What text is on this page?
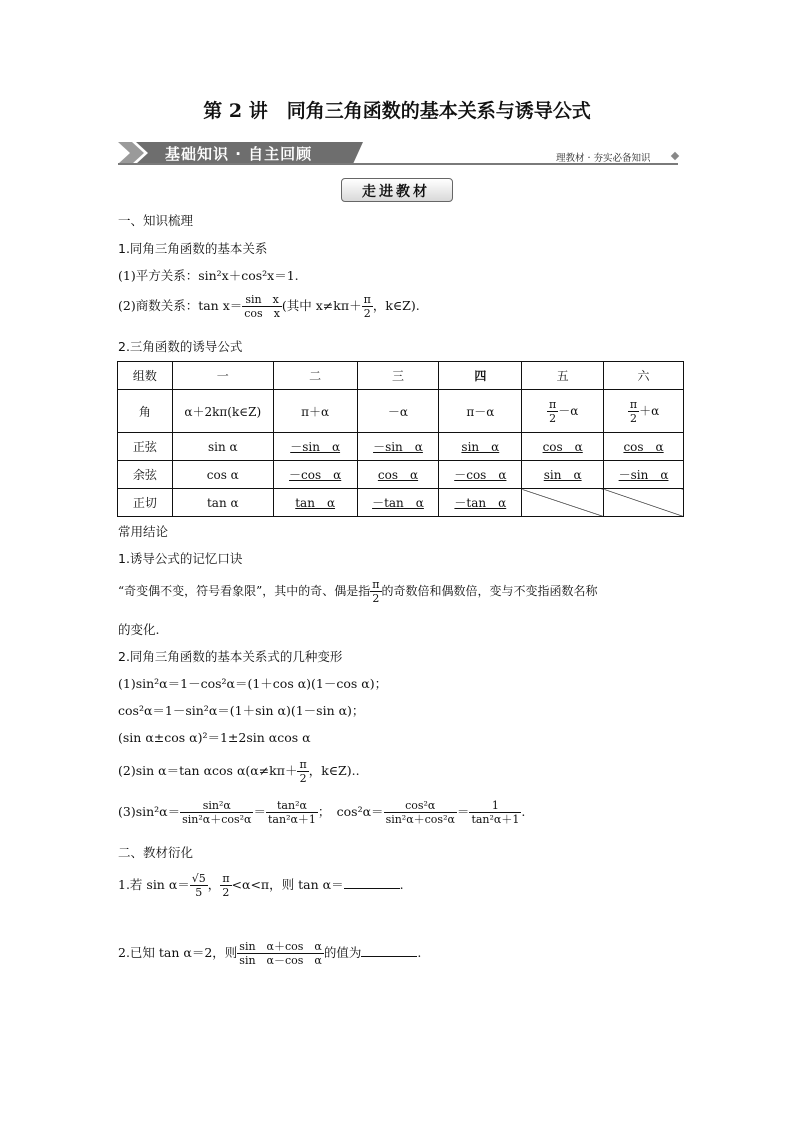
第 2 讲　同角三角函数的基本关系与诱导公式
基础知识 · 自主回顾	理教材 · 夯实必备知识
走进教材
一、知识梳理
1.同角三角函数的基本关系
(1)平方关系：sin²x＋cos²x＝1.
(2)商数关系：$\tan x= \frac{\text{sin　x}}{\text{cos　x}}$ (其中 $x\ne k\pi+ \frac{\pi}{2}$ ，k∈Z).
2.三角函数的诱导公式
组数	一	二	三	四	五	六
角	α＋2kπ(k∈Z)	π＋α	－α	π－α	$\frac{\pi}{2} -\alpha$	$\frac{\pi}{2} +\alpha$
正弦	sin α	－sin　α	－sin　α	sin　α	cos　α	cos　α
余弦	cos α	－cos　α	cos　α	－cos　α	sin　α	－sin　α
正切	tan α	tan　α	－tan　α	－tan　α		
常用结论
1.诱导公式的记忆口诀
“奇变偶不变，符号看象限”，其中的奇、偶是指 $\frac{\pi}{2}$ 的奇数倍和偶数倍，变与不变指函数名称
的变化.
2.同角三角函数的基本关系式的几种变形
(1)sin²α＝1－cos²α＝(1＋cos α)(1－cos α)；
cos²α＝1－sin²α＝(1＋sin α)(1－sin α)；
(sin α±cos α)²＝1±2sin αcos α
(2)sin α＝tan αcos $\alpha(\alpha\ne k\pi+ \frac{\pi}{2}$ ，k∈Z)..
$(3)\sin^2\alpha= \frac{\text{sin²α}}{\text{sin²α＋cos²α}} = \frac{\text{tan²α}}{\text{tan²α＋1}}$ ；　$\cos^2\alpha= \frac{\text{cos²α}}{\text{sin²α＋cos²α}} = \frac{1}{\text{tan²α＋1}}$ .
二、教材衍化
1.若 $\sin \alpha= \frac{√5}{5}$ ， $\frac{\pi}{2} <\alpha<\pi$，则 tan α＝	.
2.已知 tan α＝2，则 $\frac{\text{sin　α＋cos　α}}{\text{sin　α－cos　α}}$ 的值为	.
